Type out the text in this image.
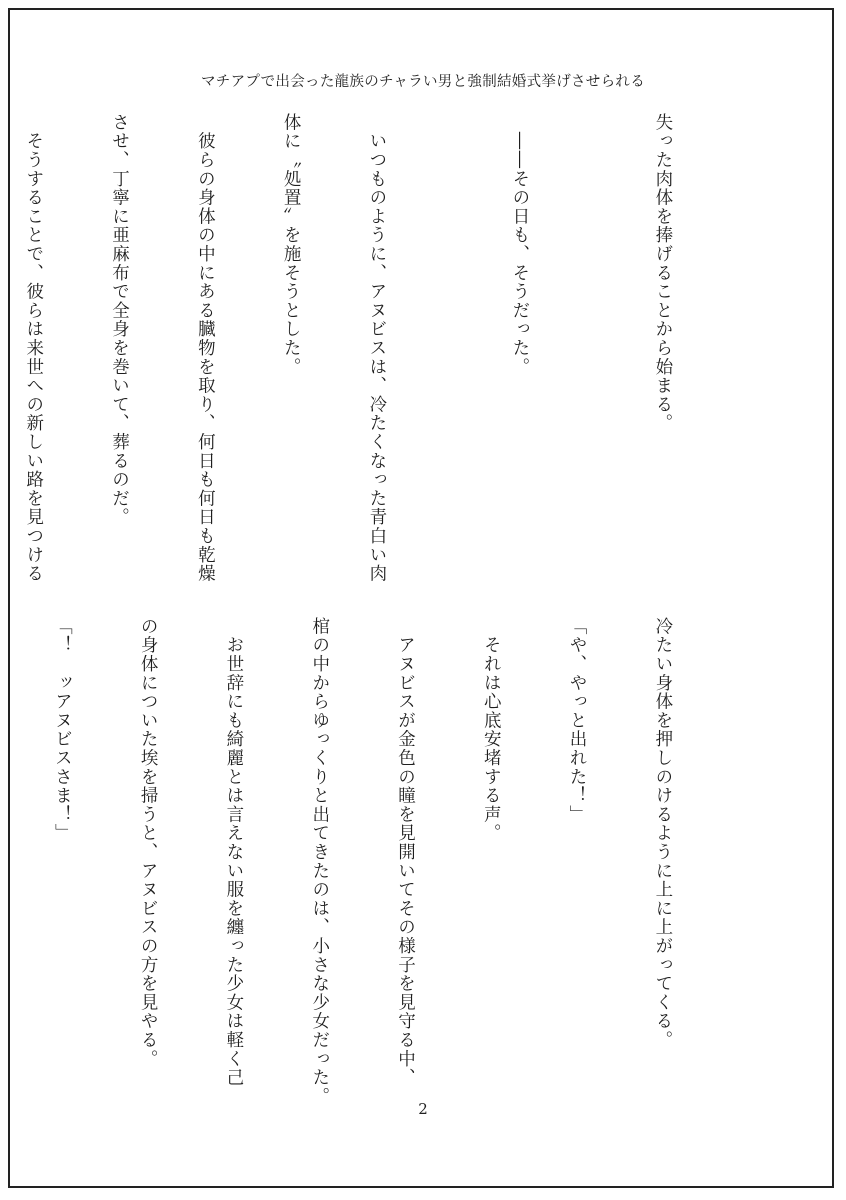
マチアプで出会った龍族のチャラい男と強制結婚式挙げさせられる

失った肉体を捧げることから始まる。

　――その日も、そうだった。

　いつものように、アヌビスは、冷たくなった青白い肉

体に〝処置〟を施そうとした。

　彼らの身体の中にある臓物を取り、何日も何日も乾燥

させ、丁寧に亜麻布で全身を巻いて、葬るのだ。

　そうすることで、彼らは来世への新しい路を見つける

冷たい身体を押しのけるように上に上がってくる。

「や、やっと出れた！」

　それは心底安堵する声。

　アヌビスが金色の瞳を見開いてその様子を見守る中、

棺の中からゆっくりと出てきたのは、小さな少女だった。

　お世辞にも綺麗とは言えない服を纏った少女は軽く己

の身体についた埃を掃うと、アヌビスの方を見やる。

「！　ッアヌビスさま！」

2
